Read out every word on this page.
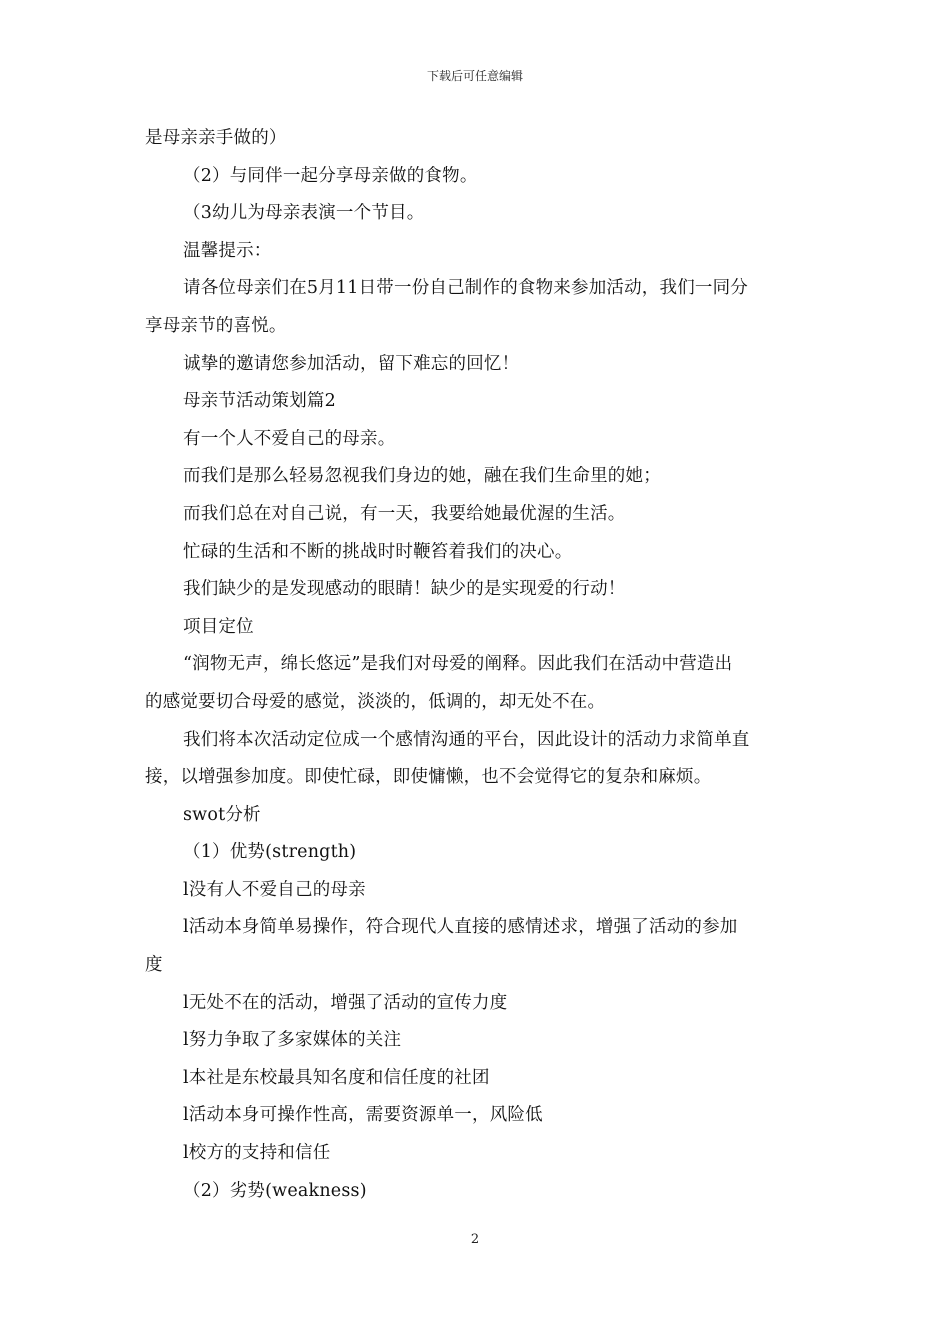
下载后可任意编辑
是母亲亲手做的）
（2）与同伴一起分享母亲做的食物。
（3幼儿为母亲表演一个节目。
温馨提示：
请各位母亲们在5月11日带一份自己制作的食物来参加活动，我们一同分
享母亲节的喜悦。
诚挚的邀请您参加活动，留下难忘的回忆！
母亲节活动策划篇2
有一个人不爱自己的母亲。
而我们是那么轻易忽视我们身边的她，融在我们生命里的她；
而我们总在对自己说，有一天，我要给她最优渥的生活。
忙碌的生活和不断的挑战时时鞭笞着我们的决心。
我们缺少的是发现感动的眼睛！缺少的是实现爱的行动！
项目定位
“润物无声，绵长悠远”是我们对母爱的阐释。因此我们在活动中营造出
的感觉要切合母爱的感觉，淡淡的，低调的，却无处不在。
我们将本次活动定位成一个感情沟通的平台，因此设计的活动力求简单直
接，以增强参加度。即使忙碌，即使慵懒，也不会觉得它的复杂和麻烦。
swot分析
（1）优势(strength)
l没有人不爱自己的母亲
l活动本身简单易操作，符合现代人直接的感情述求，增强了活动的参加
度
l无处不在的活动，增强了活动的宣传力度
l努力争取了多家媒体的关注
l本社是东校最具知名度和信任度的社团
l活动本身可操作性高，需要资源单一，风险低
l校方的支持和信任
（2）劣势(weakness)
2
